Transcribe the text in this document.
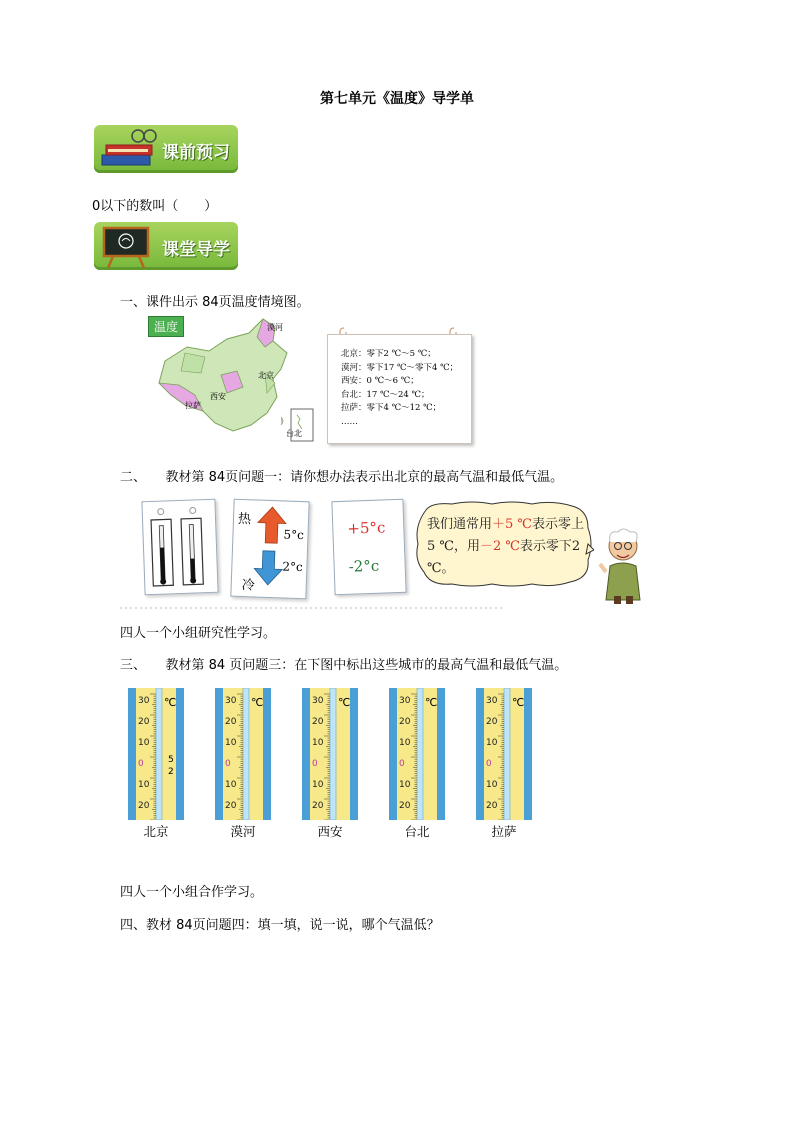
第七单元《温度》导学单
课前预习
0以下的数叫（　　）
课堂导学
一、课件出示 84页温度情境图。
温度	漠河
北京
西安
拉萨
台北
北京：零下2 ℃～5 ℃；
漠河：零下17 ℃～零下4 ℃；
西安：0 ℃～6 ℃；
台北：17 ℃～24 ℃；
拉萨：零下4 ℃～12 ℃；
……
二、　　教材第 84页问题一：请你想办法表示出北京的最高气温和最低气温。
热
5°c
2°c
冷
+5°c
-2°c
我们通常用＋5 ℃表示零上5 ℃，用－2 ℃表示零下2 ℃。
四人一个小组研究性学习。
三、　　教材第 84 页问题三：在下图中标出这些城市的最高气温和最低气温。
30
20
10
0
10
20
℃
5
2
北京
30
20
10
0
10
20
℃
漠河
30
20
10
0
10
20
℃
西安
30
20
10
0
10
20
℃
台北
30
20
10
0
10
20
℃
拉萨
四人一个小组合作学习。
四、教材 84页问题四：填一填，说一说，哪个气温低？
